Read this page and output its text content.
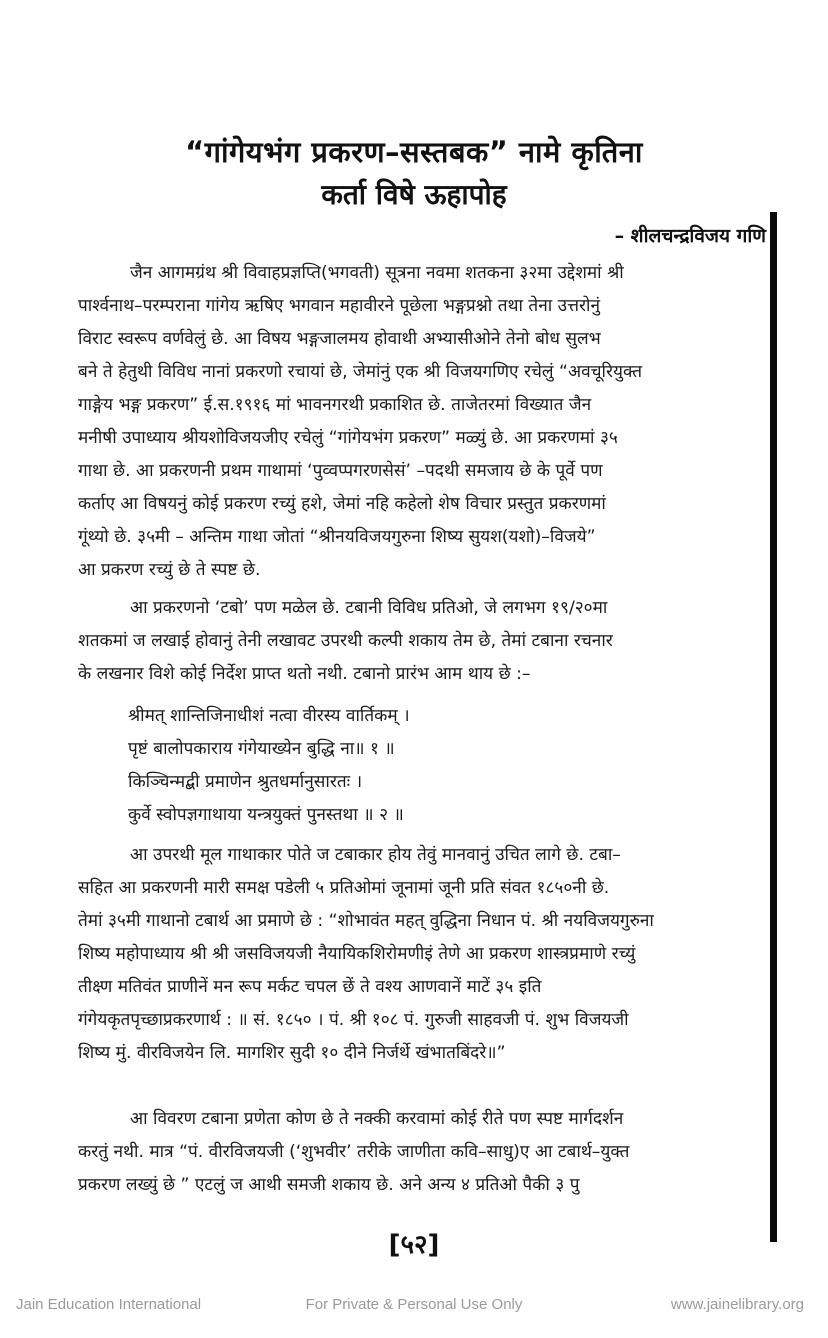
“गांगेयभंग प्रकरण–सस्तबक” नामे कृतिना
कर्ता विषे ऊहापोह
– शीलचन्द्रविजय गणि
जैन आगमग्रंथ श्री विवाहप्रज्ञप्ति(भगवती) सूत्रना नवमा शतकना ३२मा उद्देशमां श्री
पार्श्वनाथ–परम्पराना गांगेय ऋषिए भगवान महावीरने पूछेला भङ्गप्रश्नो तथा तेना उत्तरोनुं
विराट स्वरूप वर्णवेलुं छे. आ विषय भङ्गजालमय होवाथी अभ्यासीओने तेनो बोध सुलभ
बने ते हेतुथी विविध नानां प्रकरणो रचायां छे, जेमांनुं एक श्री विजयगणिए रचेलुं “अवचूरियुक्त
गाङ्गेय भङ्ग प्रकरण” ई.स.१९१६ मां भावनगरथी प्रकाशित छे. ताजेतरमां विख्यात जैन
मनीषी उपाध्याय श्रीयशोविजयजीए रचेलुं “गांगेयभंग प्रकरण” मळ्युं छे. आ प्रकरणमां ३५
गाथा छे. आ प्रकरणनी प्रथम गाथामां ‘पुव्वप्पगरणसेसं’ –पदथी समजाय छे के पूर्वे पण
कर्ताए आ विषयनुं कोई प्रकरण रच्युं हशे, जेमां नहि कहेलो शेष विचार प्रस्तुत प्रकरणमां
गूंथ्यो छे. ३५मी – अन्तिम गाथा जोतां “श्रीनयविजयगुरुना शिष्य सुयश(यशो)–विजये”
आ प्रकरण रच्युं छे ते स्पष्ट छे.
आ प्रकरणनो ‘टबो’ पण मळेल छे. टबानी विविध प्रतिओ, जे लगभग १९/२०मा
शतकमां ज लखाई होवानुं तेनी लखावट उपरथी कल्पी शकाय तेम छे, तेमां टबाना रचनार
के लखनार विशे कोई निर्देश प्राप्त थतो नथी. टबानो प्रारंभ आम थाय छे :–
श्रीमत् शान्तिजिनाधीशं नत्वा वीरस्य वार्तिकम् ।
पृष्टं बालोपकाराय गंगेयाख्येन बुद्धि ना॥ १ ॥
किञ्चिन्मद्बी प्रमाणेन श्रुतधर्मानुसारतः ।
कुर्वे स्वोपज्ञगाथाया यन्त्रयुक्तं पुनस्तथा ॥ २ ॥
आ उपरथी मूल गाथाकार पोते ज टबाकार होय तेवुं मानवानुं उचित लागे छे. टबा–
सहित आ प्रकरणनी मारी समक्ष पडेली ५ प्रतिओमां जूनामां जूनी प्रति संवत १८५०नी छे.
तेमां ३५मी गाथानो टबार्थ आ प्रमाणे छे : “शोभावंत महत् वुद्धिना निधान पं. श्री नयविजयगुरुना
शिष्य महोपाध्याय श्री श्री जसविजयजी नैयायिकशिरोमणीइं तेणे आ प्रकरण शास्त्रप्रमाणे रच्युं
तीक्ष्ण मतिवंत प्राणीनें मन रूप मर्कट चपल छें ते वश्य आणवानें माटें ३५ इति
गंगेयकृतपृच्छाप्रकरणार्थ : ॥ सं. १८५० । पं. श्री १०८ पं. गुरुजी साहवजी पं. शुभ विजयजी
शिष्य मुं. वीरविजयेन लि. मागशिर सुदी १० दीने निर्जर्थे खंभातबिंदरे॥”
आ विवरण टबाना प्रणेता कोण छे ते नक्की करवामां कोई रीते पण स्पष्ट मार्गदर्शन
करतुं नथी. मात्र “पं. वीरविजयजी (‘शुभवीर’ तरीके जाणीता कवि–साधु)ए आ टबार्थ–युक्त
प्रकरण लख्युं छे ” एटलुं ज आथी समजी शकाय छे. अने अन्य ४ प्रतिओ पैकी ३ पु
[५२]
Jain Education International	For Private & Personal Use Only	www.jainelibrary.org
